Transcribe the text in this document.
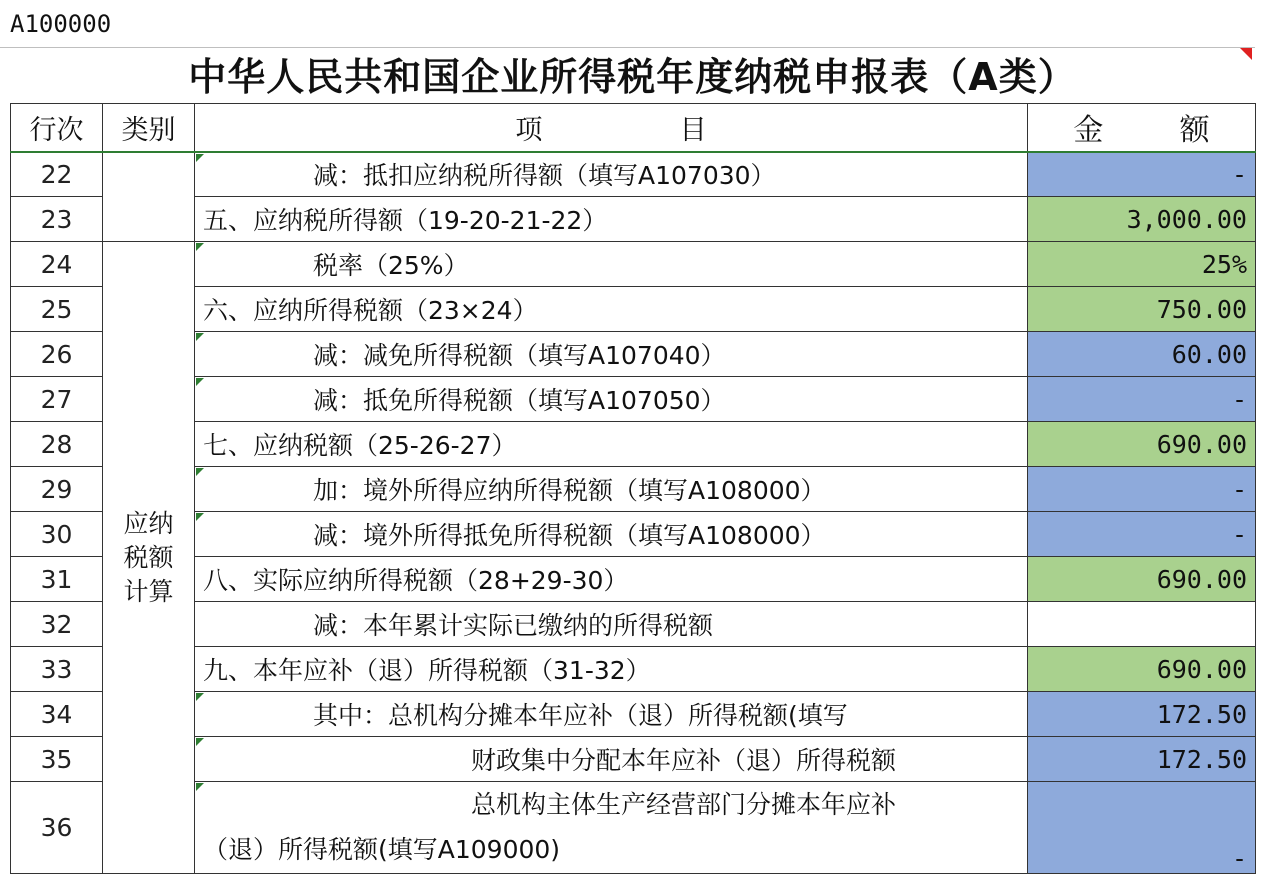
A100000
中华人民共和国企业所得税年度纳税申报表（A类）
行次	类别	项                目	金        额
22		减：抵扣应纳税所得额（填写A107030）	-
23		五、应纳税所得额（19-20-21-22）	3,000.00
24	应纳税额计算	税率（25%）	25%
25		六、应纳所得税额（23×24）	750.00
26		减：减免所得税额（填写A107040）	60.00
27		减：抵免所得税额（填写A107050）	-
28		七、应纳税额（25-26-27）	690.00
29		加：境外所得应纳所得税额（填写A108000）	-
30		减：境外所得抵免所得税额（填写A108000）	-
31		八、实际应纳所得税额（28+29-30）	690.00
32		减：本年累计实际已缴纳的所得税额	
33		九、本年应补（退）所得税额（31-32）	690.00
34		其中：总机构分摊本年应补（退）所得税额(填写	172.50
35		财政集中分配本年应补（退）所得税额	172.50
36		总机构主体生产经营部门分摊本年应补
（退）所得税额(填写A109000)	-
